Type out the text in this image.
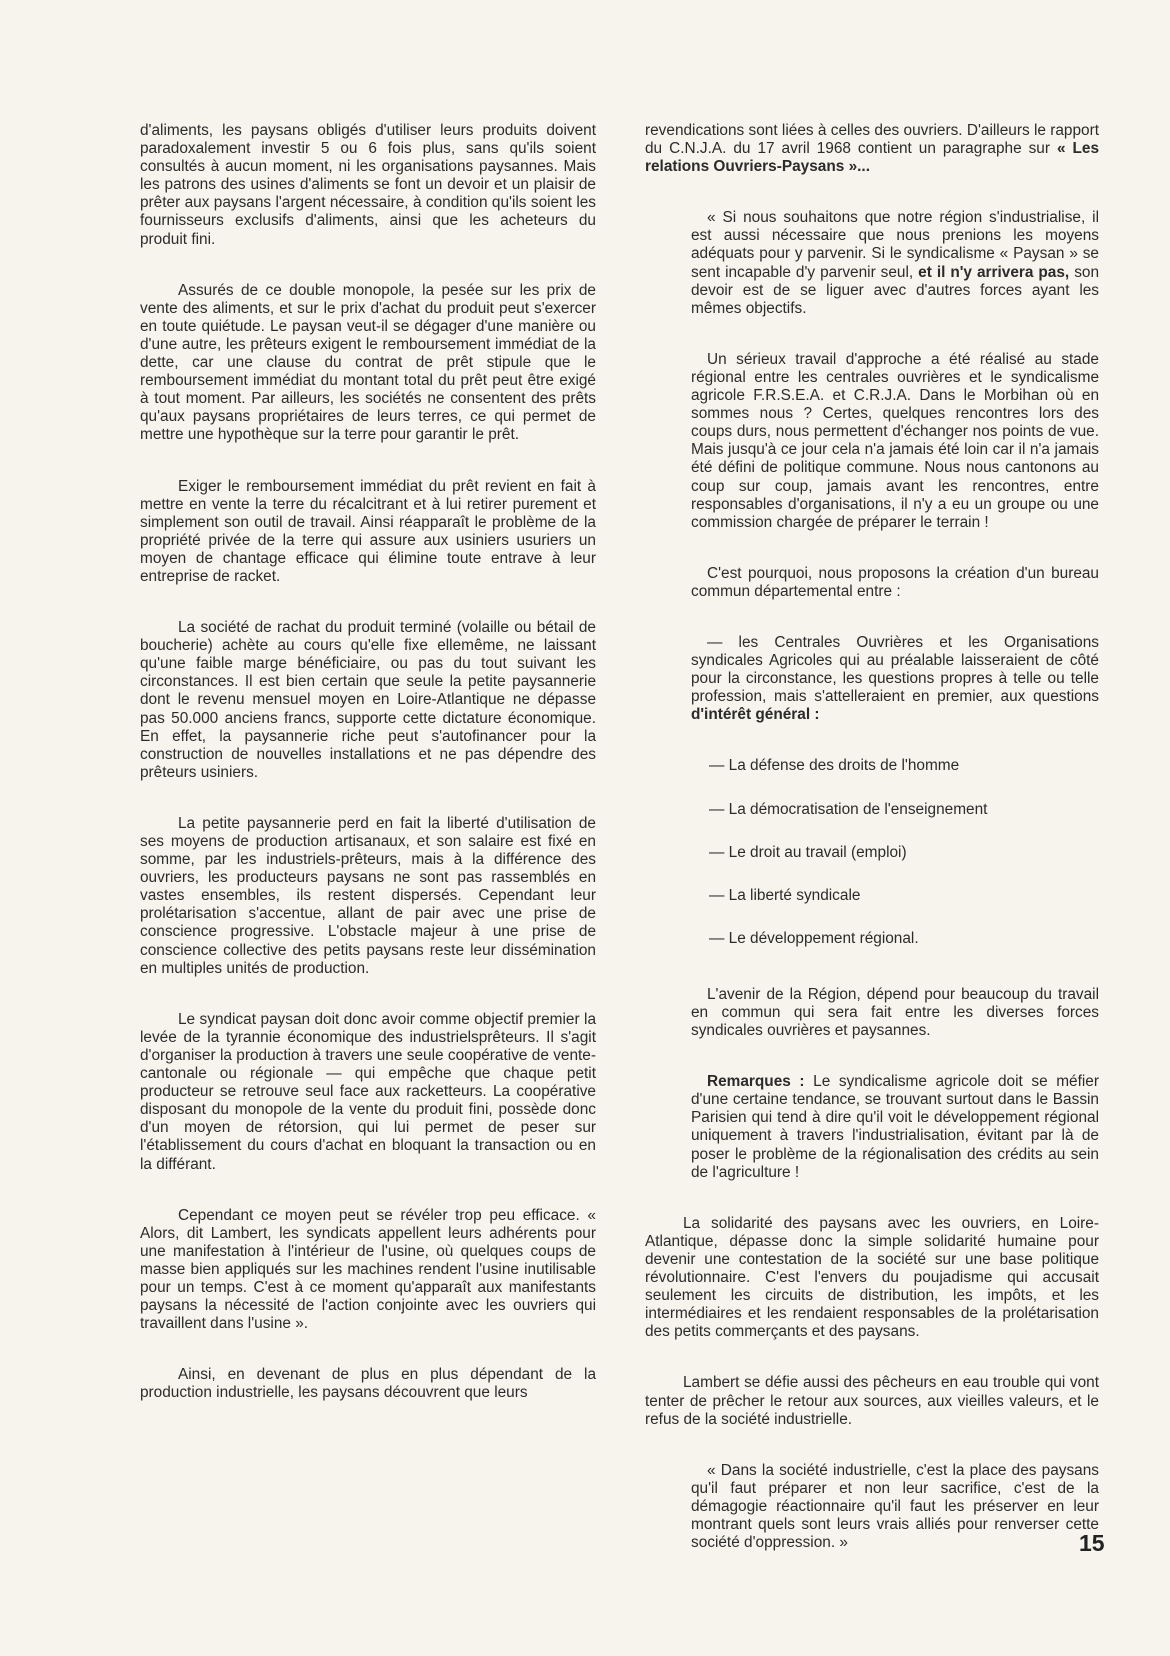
d'aliments, les paysans obligés d'utiliser leurs produits doivent paradoxalement investir 5 ou 6 fois plus, sans qu'ils soient consultés à aucun moment, ni les organisations paysannes. Mais les patrons des usines d'aliments se font un devoir et un plaisir de prêter aux paysans l'argent nécessaire, à condition qu'ils soient les fournisseurs exclusifs d'aliments, ainsi que les acheteurs du produit fini.

Assurés de ce double monopole, la pesée sur les prix de vente des aliments, et sur le prix d'achat du produit peut s'exercer en toute quiétude. Le paysan veut-il se dégager d'une manière ou d'une autre, les prêteurs exigent le remboursement immédiat de la dette, car une clause du contrat de prêt stipule que le remboursement immédiat du montant total du prêt peut être exigé à tout moment. Par ailleurs, les sociétés ne consentent des prêts qu'aux paysans propriétaires de leurs terres, ce qui permet de mettre une hypothèque sur la terre pour garantir le prêt.

Exiger le remboursement immédiat du prêt revient en fait à mettre en vente la terre du récalcitrant et à lui retirer purement et simplement son outil de travail. Ainsi réapparaît le problème de la propriété privée de la terre qui assure aux usiniers usuriers un moyen de chantage efficace qui élimine toute entrave à leur entreprise de racket.

La société de rachat du produit terminé (volaille ou bétail de boucherie) achète au cours qu'elle fixe ellemême, ne laissant qu'une faible marge bénéficiaire, ou pas du tout suivant les circonstances. Il est bien certain que seule la petite paysannerie dont le revenu mensuel moyen en Loire-Atlantique ne dépasse pas 50.000 anciens francs, supporte cette dictature économique. En effet, la paysannerie riche peut s'autofinancer pour la construction de nouvelles installations et ne pas dépendre des prêteurs usiniers.

La petite paysannerie perd en fait la liberté d'utilisation de ses moyens de production artisanaux, et son salaire est fixé en somme, par les industriels-prêteurs, mais à la différence des ouvriers, les producteurs paysans ne sont pas rassemblés en vastes ensembles, ils restent dispersés. Cependant leur prolétarisation s'accentue, allant de pair avec une prise de conscience progressive. L'obstacle majeur à une prise de conscience collective des petits paysans reste leur dissémination en multiples unités de production.

Le syndicat paysan doit donc avoir comme objectif premier la levée de la tyrannie économique des industrielsprêteurs. Il s'agit d'organiser la production à travers une seule coopérative de vente-cantonale ou régionale — qui empêche que chaque petit producteur se retrouve seul face aux racketteurs. La coopérative disposant du monopole de la vente du produit fini, possède donc d'un moyen de rétorsion, qui lui permet de peser sur l'établissement du cours d'achat en bloquant la transaction ou en la différant.

Cependant ce moyen peut se révéler trop peu efficace. « Alors, dit Lambert, les syndicats appellent leurs adhérents pour une manifestation à l'intérieur de l'usine, où quelques coups de masse bien appliqués sur les machines rendent l'usine inutilisable pour un temps. C'est à ce moment qu'apparaît aux manifestants paysans la nécessité de l'action conjointe avec les ouvriers qui travaillent dans l'usine ».

Ainsi, en devenant de plus en plus dépendant de la production industrielle, les paysans découvrent que leurs

revendications sont liées à celles des ouvriers. D'ailleurs le rapport du C.N.J.A. du 17 avril 1968 contient un paragraphe sur « Les relations Ouvriers-Paysans »...

« Si nous souhaitons que notre région s'industrialise, il est aussi nécessaire que nous prenions les moyens adéquats pour y parvenir. Si le syndicalisme « Paysan » se sent incapable d'y parvenir seul, et il n'y arrivera pas, son devoir est de se liguer avec d'autres forces ayant les mêmes objectifs.

Un sérieux travail d'approche a été réalisé au stade régional entre les centrales ouvrières et le syndicalisme agricole F.R.S.E.A. et C.R.J.A. Dans le Morbihan où en sommes nous ? Certes, quelques rencontres lors des coups durs, nous permettent d'échanger nos points de vue. Mais jusqu'à ce jour cela n'a jamais été loin car il n'a jamais été défini de politique commune. Nous nous cantonons au coup sur coup, jamais avant les rencontres, entre responsables d'organisations, il n'y a eu un groupe ou une commission chargée de préparer le terrain !

C'est pourquoi, nous proposons la création d'un bureau commun départemental entre :

— les Centrales Ouvrières et les Organisations syndicales Agricoles qui au préalable laisseraient de côté pour la circonstance, les questions propres à telle ou telle profession, mais s'attelleraient en premier, aux questions d'intérêt général :

— La défense des droits de l'homme

— La démocratisation de l'enseignement

— Le droit au travail (emploi)

— La liberté syndicale

— Le développement régional.

L'avenir de la Région, dépend pour beaucoup du travail en commun qui sera fait entre les diverses forces syndicales ouvrières et paysannes.

Remarques : Le syndicalisme agricole doit se méfier d'une certaine tendance, se trouvant surtout dans le Bassin Parisien qui tend à dire qu'il voit le développement régional uniquement à travers l'industrialisation, évitant par là de poser le problème de la régionalisation des crédits au sein de l'agriculture !

La solidarité des paysans avec les ouvriers, en Loire-Atlantique, dépasse donc la simple solidarité humaine pour devenir une contestation de la société sur une base politique révolutionnaire. C'est l'envers du poujadisme qui accusait seulement les circuits de distribution, les impôts, et les intermédiaires et les rendaient responsables de la prolétarisation des petits commerçants et des paysans.

Lambert se défie aussi des pêcheurs en eau trouble qui vont tenter de prêcher le retour aux sources, aux vieilles valeurs, et le refus de la société industrielle.

« Dans la société industrielle, c'est la place des paysans qu'il faut préparer et non leur sacrifice, c'est de la démagogie réactionnaire qu'il faut les préserver en leur montrant quels sont leurs vrais alliés pour renverser cette société d'oppression. »	15
